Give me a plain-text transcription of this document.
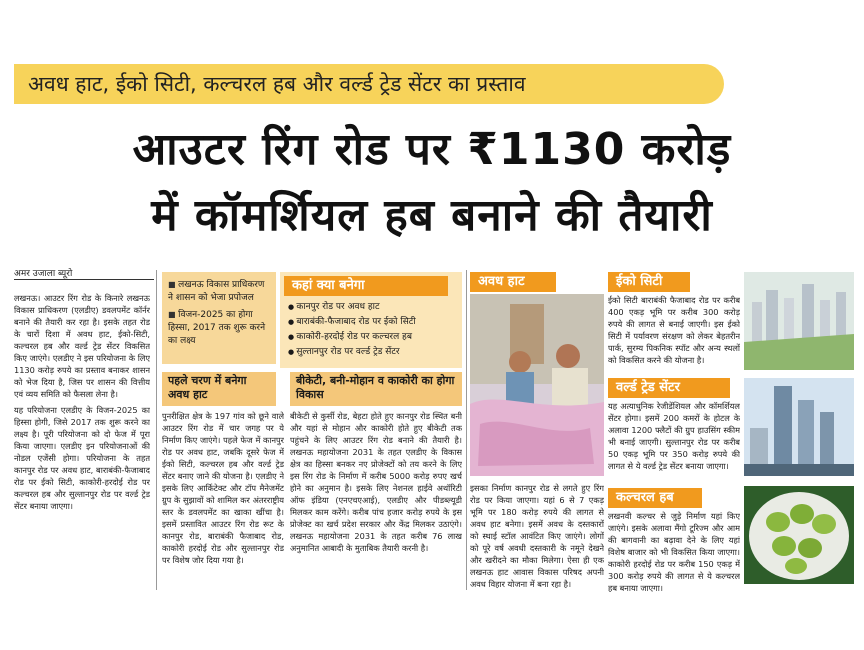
अवध हाट, ईको सिटी, कल्चरल हब और वर्ल्ड ट्रेड सेंटर का प्रस्ताव
आउटर रिंग रोड पर ₹1130 करोड़
में कॉमर्शियल हब बनाने की तैयारी
अमर उजाला ब्यूरो

लखनऊ। आउटर रिंग रोड के किनारे लखनऊ विकास प्राधिकरण (एलडीए) डवलपमेंट कॉर्नर बनाने की तैयारी कर रहा है। इसके तहत रोड के चारों दिशा में अवध हाट, ईको-सिटी, कल्चरल हब और वर्ल्ड ट्रेड सेंटर विकसित किए जाएंगे। एलडीए ने इस परियोजना के लिए 1130 करोड़ रुपये का प्रस्ताव बनाकर शासन को भेज दिया है, जिस पर शासन की वित्तीय एवं व्यय समिति को फैसला लेना है।

यह परियोजना एलडीए के विजन-2025 का हिस्सा होगी, जिसे 2017 तक शुरू करने का लक्ष्य है। पूरी परियोजना को दो फेज में पूरा किया जाएगा। एलडीए इन परियोजनाओं की नोडल एजेंसी होगा। परियोजना के तहत कानपुर रोड पर अवध हाट, बाराबंकी-फैजाबाद रोड पर ईको सिटी, काकोरी-हरदोई रोड पर कल्चरल हब और सुल्तानपुर रोड पर वर्ल्ड ट्रेड सेंटर बनाया जाएगा।

■ लखनऊ विकास प्राधिकरण ने शासन को भेजा प्रपोजल
■ विजन-2025 का होगा हिस्सा, 2017 तक शुरू करने का लक्ष्य
कहां क्या बनेगा
● कानपुर रोड पर अवध हाट
● बाराबंकी-फैजाबाद रोड पर ईको सिटी
● काकोरी-हरदोई रोड पर कल्चरल हब
● सुल्तानपुर रोड पर वर्ल्ड ट्रेड सेंटर
पहले चरण में बनेगा अवध हाट
पुनरीक्षित क्षेत्र के 197 गांव को छूने वाले आउटर रिंग रोड में चार जगह पर ये निर्माण किए जाएंगे। पहले फेज में कानपुर रोड पर अवध हाट, जबकि दूसरे फेज में ईको सिटी, कल्चरल हब और वर्ल्ड ट्रेड सेंटर बनाए जाने की योजना है। एलडीए ने इसके लिए आर्किटेक्ट और टॉप मैनेजमेंट ग्रुप के सुझावों को शामिल कर अंतरराष्ट्रीय स्तर के डवलपमेंट का खाका खींचा है। इसमें प्रस्तावित आउटर रिंग रोड रूट के कानपुर रोड, बाराबंकी फैजाबाद रोड, काकोरी हरदोई रोड और सुल्तानपुर रोड पर विशेष जोर दिया गया है।
बीकेटी, बनी-मोहान व काकोरी का होगा विकास
बीकेटी से कुर्सी रोड, बेहटा होते हुए कानपुर रोड स्थित बनी और यहां से मोहान और काकोरी होते हुए बीकेटी तक पहुंचने के लिए आउटर रिंग रोड बनाने की तैयारी है। लखनऊ महायोजना 2031 के तहत एलडीए के विकास क्षेत्र का हिस्सा बनकर नए प्रोजेक्टों को तय करने के लिए इस रिंग रोड के निर्माण में करीब 5000 करोड़ रुपए खर्च होने का अनुमान है। इसके लिए नेशनल हाईवे अथॉरिटी ऑफ इंडिया (एनएचएआई), एलडीए और पीडब्ल्यूडी मिलकर काम करेंगे। करीब पांच हजार करोड़ रुपये के इस प्रोजेक्ट का खर्च प्रदेश सरकार और केंद्र मिलकर उठाएंगे। लखनऊ महायोजना 2031 के तहत करीब 76 लाख अनुमानित आबादी के मुताबिक तैयारी करनी है।
अवध हाट
इसका निर्माण कानपुर रोड से लगते हुए रिंग रोड पर किया जाएगा। यहां 6 से 7 एकड़ भूमि पर 180 करोड़ रुपये की लागत से अवध हाट बनेगा। इसमें अवध के दस्तकारों को स्थाई स्टॉल आवंटित किए जाएंगे। लोगों को पूरे वर्ष अवधी दस्तकारी के नमूने देखने और खरीदने का मौका मिलेगा। ऐसा ही एक लखनऊ हाट आवास विकास परिषद अपनी अवध विहार योजना में बना रहा है।
ईको सिटी
ईको सिटी बाराबंकी फैजाबाद रोड पर करीब 400 एकड़ भूमि पर करीब 300 करोड़ रुपये की लागत से बनाई जाएगी। इस ईको सिटी में पर्यावरण संरक्षण को लेकर बेहतरीन पार्क, सुरम्य पिकनिक स्पॉट और अन्य स्थलों को विकसित करने की योजना है।
वर्ल्ड ट्रेड सेंटर
यह अत्याधुनिक रेजीडेंशियल और कॉमर्शियल सेंटर होगा। इसमें 200 कमरों के होटल के अलावा 1200 फ्लैटों की ग्रुप हाउसिंग स्कीम भी बनाई जाएगी। सुल्तानपुर रोड पर करीब 50 एकड़ भूमि पर 350 करोड़ रुपये की लागत से ये वर्ल्ड ट्रेड सेंटर बनाया जाएगा।
कल्चरल हब
लखनवी कल्चर से जुड़े निर्माण यहां किए जाएंगे। इसके अलावा मैंगो टूरिज्म और आम की बागवानी का बढ़ावा देने के लिए यहां विशेष बाजार को भी विकसित किया जाएगा। काकोरी हरदोई रोड पर करीब 150 एकड़ में 300 करोड़ रुपये की लागत से ये कल्चरल हब बनाया जाएगा।
